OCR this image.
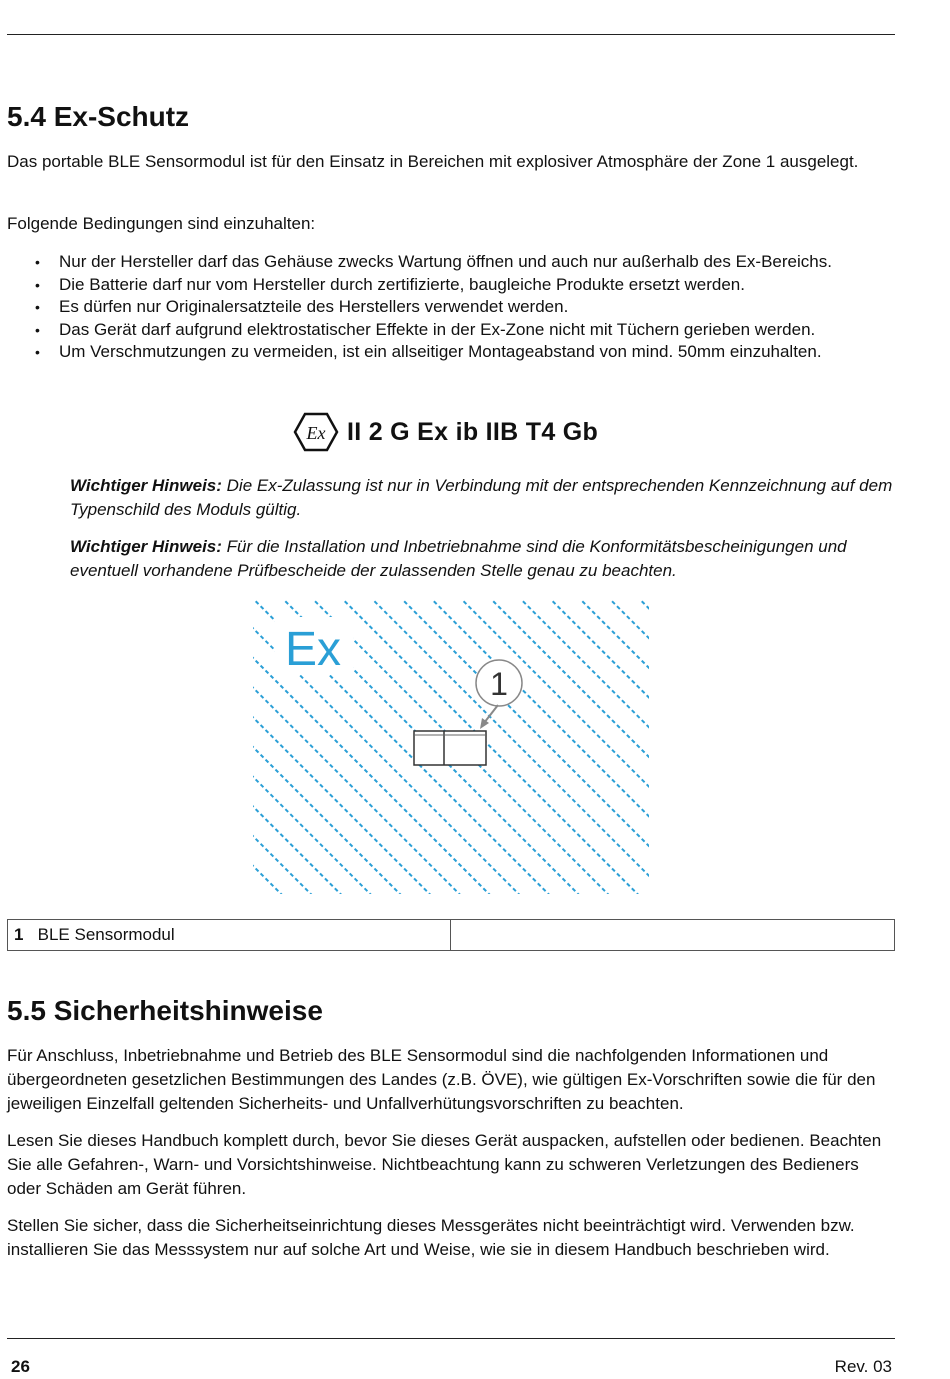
5.4 Ex-Schutz

Das portable BLE Sensormodul ist für den Einsatz in Bereichen mit explosiver Atmosphäre der Zone 1 ausgelegt.

Folgende Bedingungen sind einzuhalten:

• Nur der Hersteller darf das Gehäuse zwecks Wartung öffnen und auch nur außerhalb des Ex-Bereichs.
• Die Batterie darf nur vom Hersteller durch zertifizierte, baugleiche Produkte ersetzt werden.
• Es dürfen nur Originalersatzteile des Herstellers verwendet werden.
• Das Gerät darf aufgrund elektrostatischer Effekte in der Ex-Zone nicht mit Tüchern gerieben werden.
• Um Verschmutzungen zu vermeiden, ist ein allseitiger Montageabstand von mind. 50mm einzuhalten.
Ex II 2 G Ex ib IIB T4 Gb

Wichtiger Hinweis: Die Ex-Zulassung ist nur in Verbindung mit der entsprechenden Kennzeichnung auf dem Typenschild des Moduls gültig.

Wichtiger Hinweis: Für die Installation und Inbetriebnahme sind die Konformitätsbescheinigungen und eventuell vorhandene Prüfbescheide der zulassenden Stelle genau zu beachten.

Ex
1
1 BLE Sensormodul	
5.5 Sicherheitshinweise

Für Anschluss, Inbetriebnahme und Betrieb des BLE Sensormodul sind die nachfolgenden Informationen und übergeordneten gesetzlichen Bestimmungen des Landes (z.B. ÖVE), wie gültigen Ex-Vorschriften sowie die für den jeweiligen Einzelfall geltenden Sicherheits- und Unfallverhütungsvorschriften zu beachten.

Lesen Sie dieses Handbuch komplett durch, bevor Sie dieses Gerät auspacken, aufstellen oder bedienen. Beachten Sie alle Gefahren-, Warn- und Vorsichtshinweise. Nichtbeachtung kann zu schweren Verletzungen des Bedieners oder Schäden am Gerät führen.

Stellen Sie sicher, dass die Sicherheitseinrichtung dieses Messgerätes nicht beeinträchtigt wird. Verwenden bzw. installieren Sie das Messsystem nur auf solche Art und Weise, wie sie in diesem Handbuch beschrieben wird.

26	Rev. 03
